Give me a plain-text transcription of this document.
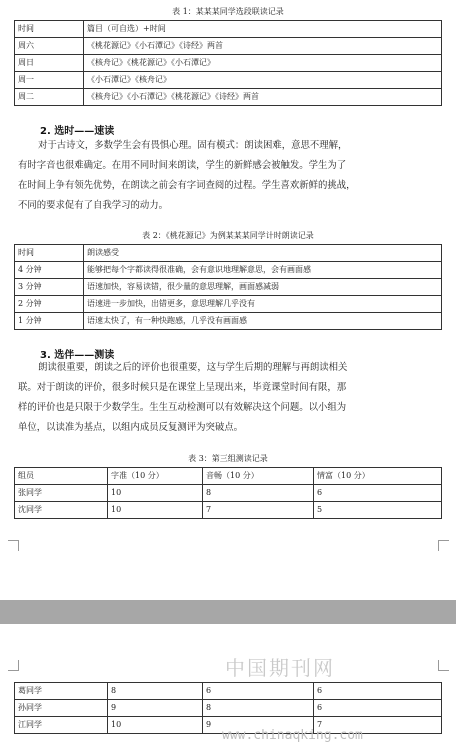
表 1：某某某同学选段联读记录
时间	篇目（可自选）+时间
周六	《桃花源记》《小石潭记》《诗经》两首
周日	《核舟记》《桃花源记》《小石潭记》
周一	《小石潭记》《核舟记》
周二	《核舟记》《小石潭记》《桃花源记》《诗经》两首
2. 选时——速读
对于古诗文，多数学生会有畏惧心理。固有模式：朗读困难，意思不理解，
有时字音也很难确定。在用不同时间来朗读，学生的新鲜感会被触发。学生为了
在时间上争有领先优势，在朗读之前会有字词查阅的过程。学生喜欢新鲜的挑战，
不同的要求促有了自我学习的动力。
表 2：《桃花源记》为例某某某同学计时朗读记录
时间	朗读感受
4 分钟	能够把每个字都读得很准确，会有意识地理解意思，会有画面感
3 分钟	语速加快，容易读错，很少量的意思理解，画面感减弱
2 分钟	语速进一步加快，出错更多，意思理解几乎没有
1 分钟	语速太快了，有一种快跑感，几乎没有画面感
3. 选伴——测读
朗读很重要，朗读之后的评价也很重要，这与学生后期的理解与再朗读相关
联。对于朗读的评价，很多时候只是在课堂上呈现出来，毕竟课堂时间有限，那
样的评价也是只限于少数学生。生生互动检测可以有效解决这个问题。以小组为
单位，以读准为基点，以组内成员反复测评为突破点。
表 3：第三组测读记录
组员	字准（10 分）	音畅（10 分）	情富（10 分）
张同学	10	8	6
沈同学	10	7	5
葛同学	8	6	6
孙同学	9	8	6
江同学	10	9	7
中国期刊网
www.chinaqking.com
